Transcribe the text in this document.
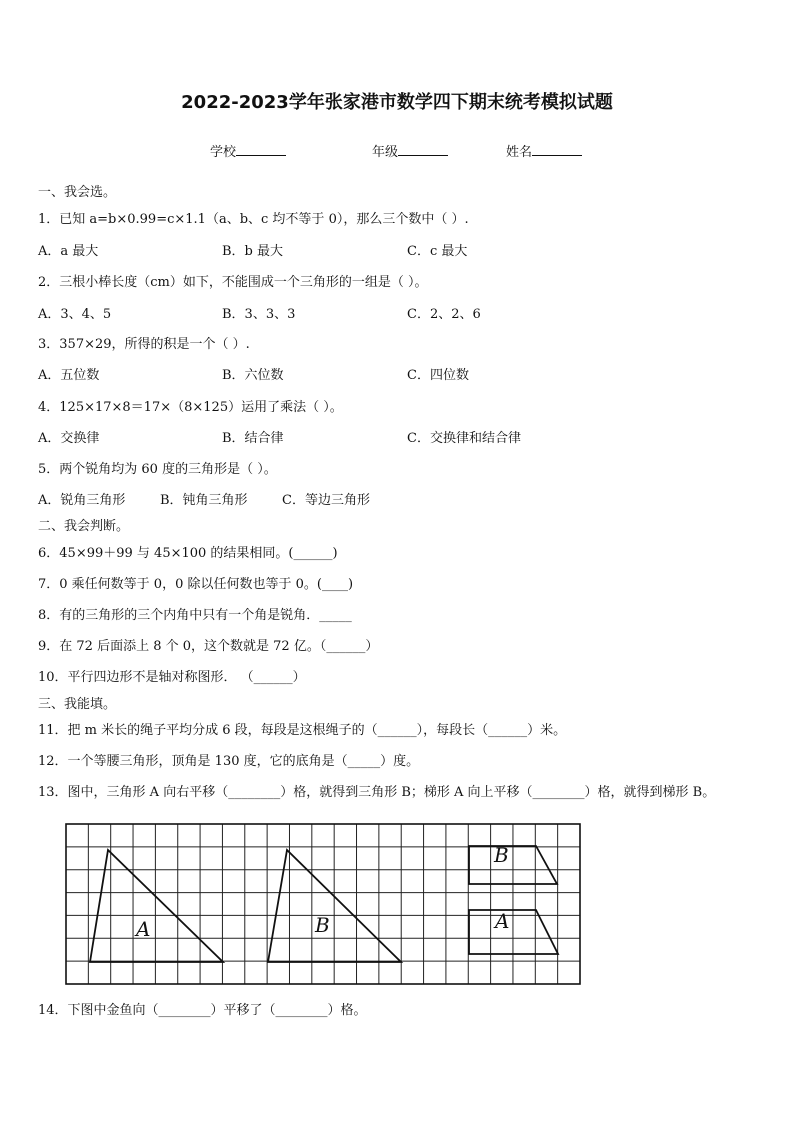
2022-2023学年张家港市数学四下期末统考模拟试题
学校	年级	姓名
一、我会选。
1．已知 a=b×0.99=c×1.1（a、b、c 均不等于 0），那么三个数中（ ）.
A．a 最大	B．b 最大	C．c 最大
2．三根小棒长度（cm）如下，不能围成一个三角形的一组是（ ）。
A．3、4、5	B．3、3、3	C．2、2、6
3．357×29，所得的积是一个（ ）.
A．五位数	B．六位数	C．四位数
4．125×17×8＝17×（8×125）运用了乘法（ ）。
A．交换律	B．结合律	C．交换律和结合律
5．两个锐角均为 60 度的三角形是（ ）。
A．锐角三角形	B．钝角三角形	C．等边三角形
二、我会判断。
6．45×99＋99 与 45×100 的结果相同。(______)
7．0 乘任何数等于 0，0 除以任何数也等于 0。(____)
8．有的三角形的三个内角中只有一个角是锐角．_____
9．在 72 后面添上 8 个 0，这个数就是 72 亿。（______）
10．平行四边形不是轴对称图形． （______）
三、我能填。
11．把 m 米长的绳子平均分成 6 段，每段是这根绳子的（______），每段长（______）米。
12．一个等腰三角形，顶角是 130 度，它的底角是（_____）度。
13．图中，三角形 A 向右平移（________）格，就得到三角形 B；梯形 A 向上平移（________）格，就得到梯形 B。
A	B
B
A
14．下图中金鱼向（________）平移了（________）格。
